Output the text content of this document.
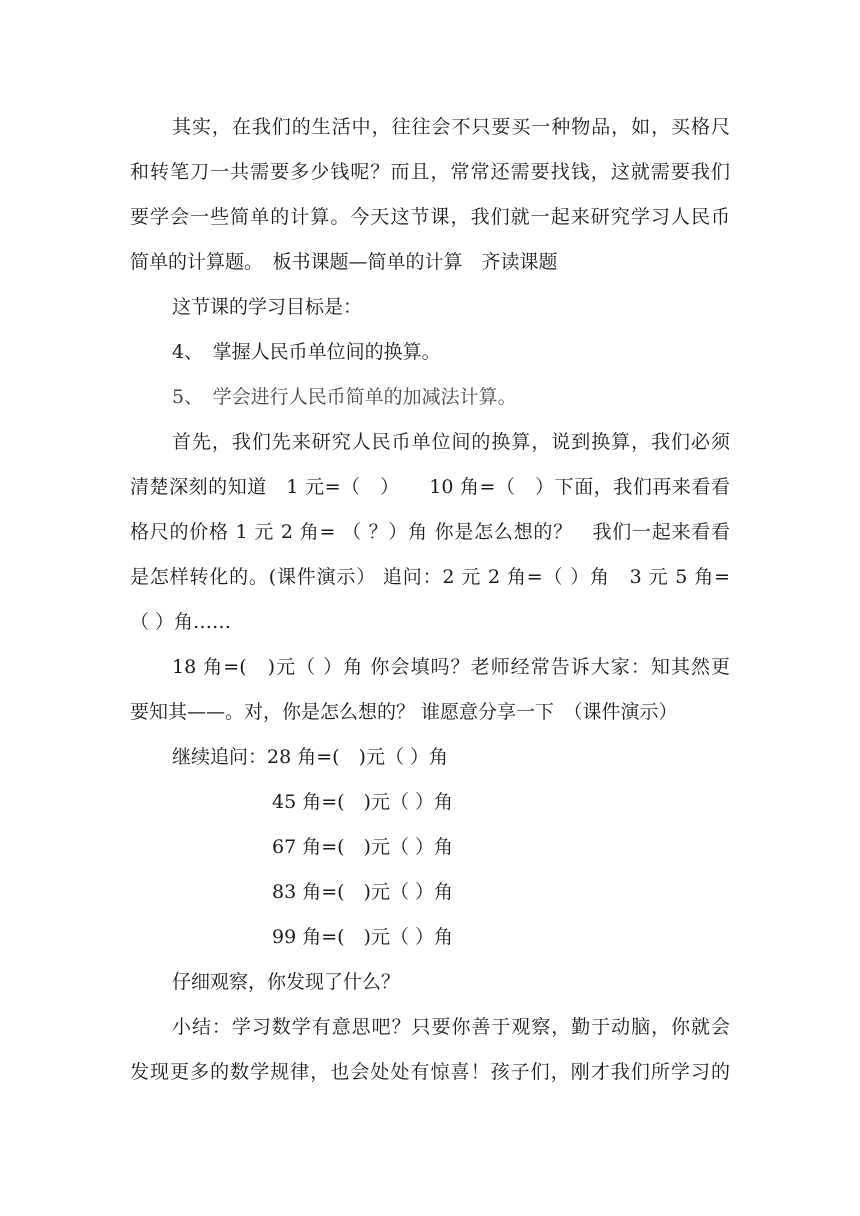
其实，在我们的生活中，往往会不只要买一种物品，如，买格尺
和转笔刀一共需要多少钱呢？而且，常常还需要找钱，这就需要我们
要学会一些简单的计算。今天这节课，我们就一起来研究学习人民币
简单的计算题。　板书课题—简单的计算　齐读课题
这节课的学习目标是：
4、　掌握人民币单位间的换算。
5、　学会进行人民币简单的加减法计算。
首先，我们先来研究人民币单位间的换算，说到换算，我们必须
清楚深刻的知道　1 元=（　）　　10 角=（　）下面，我们再来看看
格尺的价格 1 元 2 角= （ ？）角 你是怎么想的？　我们一起来看看
是怎样转化的。(课件演示） 追问：2 元 2 角=（ ）角　3 元 5 角=
（ ）角……
18 角=(　)元（ ）角 你会填吗？老师经常告诉大家：知其然更
要知其——。对，你是怎么想的？ 谁愿意分享一下　（课件演示）
继续追问：28 角=(　)元（ ）角
45 角=(　)元（ ）角
67 角=(　)元（ ）角
83 角=(　)元（ ）角
99 角=(　)元（ ）角
仔细观察，你发现了什么？
小结：学习数学有意思吧？只要你善于观察，勤于动脑，你就会
发现更多的数学规律，也会处处有惊喜！孩子们，刚才我们所学习的
